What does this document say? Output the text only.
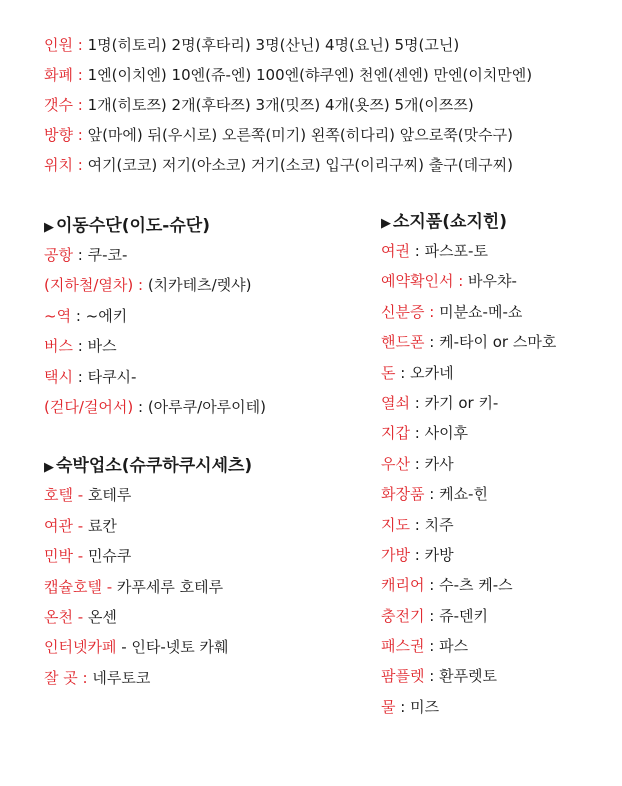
인원 : 1명(히토리) 2명(후타리) 3명(산닌) 4명(요닌) 5명(고닌)
화폐 : 1엔(이치엔) 10엔(쥬-엔) 100엔(햐쿠엔) 천엔(센엔) 만엔(이치만엔)
갯수 : 1개(히토쯔) 2개(후타쯔) 3개(밋쯔) 4개(욧쯔) 5개(이쯔쯔)
방향 : 앞(마에) 뒤(우시로) 오른쪽(미기) 왼쪽(히다리) 앞으로쭉(맛수구)
위치 : 여기(코코) 저기(아소코) 거기(소코) 입구(이리구찌) 출구(데구찌)
▶ 이동수단(이도-슈단)
공항 : 쿠-코-
(지하철/열차) : (치카테츠/렛샤)
~역 : ~에키
버스 : 바스
택시 : 타쿠시-
(걷다/걸어서) : (아루쿠/아루이테)
▶ 숙박업소(슈쿠하쿠시세츠)
호텔 - 호테루
여관 - 료칸
민박 - 민슈쿠
캡슐호텔 - 카푸세루 호테루
온천 - 온센
인터넷카페 - 인타-넷토 카훼
잘 곳 : 네루토코
▶ 소지품(쇼지힌)
여권 : 파스포-토
예약확인서 : 바우챠-
신분증 : 미분쇼-메-쇼
핸드폰 : 케-타이 or 스마호
돈 : 오카네
열쇠 : 카기 or 키-
지갑 : 사이후
우산 : 카사
화장품 : 케쇼-힌
지도 : 치주
가방 : 카방
캐리어 : 수-츠 케-스
충전기 : 쥬-덴키
패스권 : 파스
팜플렛 : 환푸렛토
물 : 미즈
